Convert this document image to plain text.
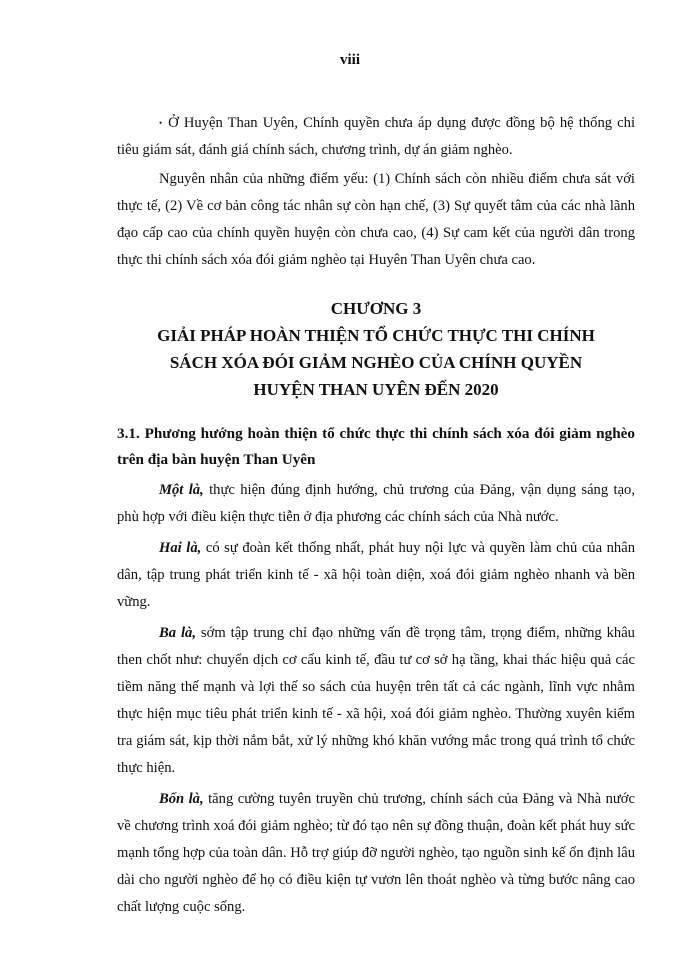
viii

• Ở Huyện Than Uyên, Chính quyền chưa áp dụng được đồng bộ hệ thống chỉ tiêu giám sát, đánh giá chính sách, chương trình, dự án giảm nghèo.

Nguyên nhân của những điểm yếu: (1) Chính sách còn nhiều điểm chưa sát với thực tế, (2) Về cơ bản công tác nhân sự còn hạn chế, (3) Sự quyết tâm của các nhà lãnh đạo cấp cao của chính quyền huyện còn chưa cao, (4) Sự cam kết của người dân trong thực thi chính sách xóa đói giảm nghèo tại Huyên Than Uyên chưa cao.

CHƯƠNG 3
GIẢI PHÁP HOÀN THIỆN TỔ CHỨC THỰC THI CHÍNH
SÁCH XÓA ĐÓI GIẢM NGHÈO CỦA CHÍNH QUYỀN
HUYỆN THAN UYÊN ĐẾN 2020
3.1. Phương hướng hoàn thiện tổ chức thực thi chính sách xóa đói giảm nghèo trên địa bàn huyện Than Uyên

Một là, thực hiện đúng định hướng, chủ trương của Đảng, vận dụng sáng tạo, phù hợp với điều kiện thực tiễn ở địa phương các chính sách của Nhà nước.

Hai là, có sự đoàn kết thống nhất, phát huy nội lực và quyền làm chủ của nhân dân, tập trung phát triển kinh tế - xã hội toàn diện, xoá đói giảm nghèo nhanh và bền vững.

Ba là, sớm tập trung chỉ đạo những vấn đề trọng tâm, trọng điểm, những khâu then chốt như: chuyển dịch cơ cấu kinh tế, đầu tư cơ sở hạ tầng, khai thác hiệu quả các tiềm năng thế mạnh và lợi thế so sách của huyện trên tất cả các ngành, lĩnh vực nhằm thực hiện mục tiêu phát triển kinh tế - xã hội, xoá đói giảm nghèo. Thường xuyên kiểm tra giám sát, kịp thời nắm bắt, xử lý những khó khăn vướng mắc trong quá trình tổ chức thực hiện.

Bốn là, tăng cường tuyên truyền chủ trương, chính sách của Đảng và Nhà nước về chương trình xoá đói giảm nghèo; từ đó tạo nên sự đồng thuận, đoàn kết phát huy sức mạnh tổng hợp của toàn dân. Hỗ trợ giúp đỡ người nghèo, tạo nguồn sinh kế ổn định lâu dài cho người nghèo để họ có điều kiện tự vươn lên thoát nghèo và từng bước nâng cao chất lượng cuộc sống.
